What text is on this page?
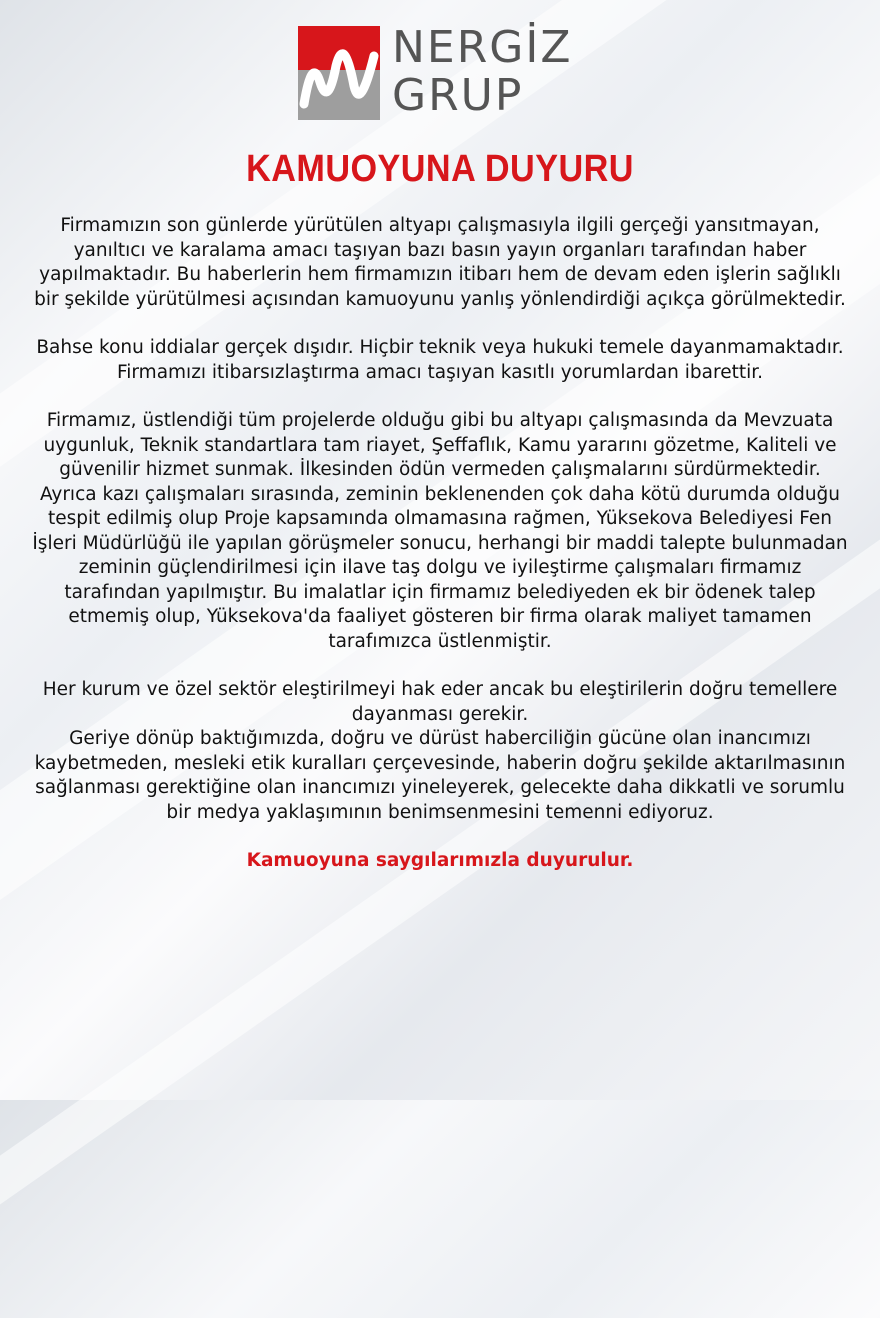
NERGİZ
GRUP
KAMUOYUNA DUYURU

Firmamızın son günlerde yürütülen altyapı çalışmasıyla ilgili gerçeği yansıtmayan, yanıltıcı ve karalama amacı taşıyan bazı basın yayın organları tarafından haber yapılmaktadır. Bu haberlerin hem firmamızın itibarı hem de devam eden işlerin sağlıklı bir şekilde yürütülmesi açısından kamuoyunu yanlış yönlendirdiği açıkça görülmektedir.

Bahse konu iddialar gerçek dışıdır. Hiçbir teknik veya hukuki temele dayanmamaktadır. Firmamızı itibarsızlaştırma amacı taşıyan kasıtlı yorumlardan ibarettir.

Firmamız, üstlendiği tüm projelerde olduğu gibi bu altyapı çalışmasında da Mevzuata uygunluk, Teknik standartlara tam riayet, Şeffaflık, Kamu yararını gözetme, Kaliteli ve güvenilir hizmet sunmak. İlkesinden ödün vermeden çalışmalarını sürdürmektedir.

Ayrıca kazı çalışmaları sırasında, zeminin beklenenden çok daha kötü durumda olduğu tespit edilmiş olup Proje kapsamında olmamasına rağmen, Yüksekova Belediyesi Fen İşleri Müdürlüğü ile yapılan görüşmeler sonucu, herhangi bir maddi talepte bulunmadan zeminin güçlendirilmesi için ilave taş dolgu ve iyileştirme çalışmaları firmamız tarafından yapılmıştır. Bu imalatlar için firmamız belediyeden ek bir ödenek talep etmemiş olup, Yüksekova'da faaliyet gösteren bir firma olarak maliyet tamamen tarafımızca üstlenmiştir.

Her kurum ve özel sektör eleştirilmeyi hak eder ancak bu eleştirilerin doğru temellere dayanması gerekir.

Geriye dönüp baktığımızda, doğru ve dürüst haberciliğin gücüne olan inancımızı kaybetmeden, mesleki etik kuralları çerçevesinde, haberin doğru şekilde aktarılmasının sağlanması gerektiğine olan inancımızı yineleyerek, gelecekte daha dikkatli ve sorumlu bir medya yaklaşımının benimsenmesini temenni ediyoruz.

Kamuoyuna saygılarımızla duyurulur.
